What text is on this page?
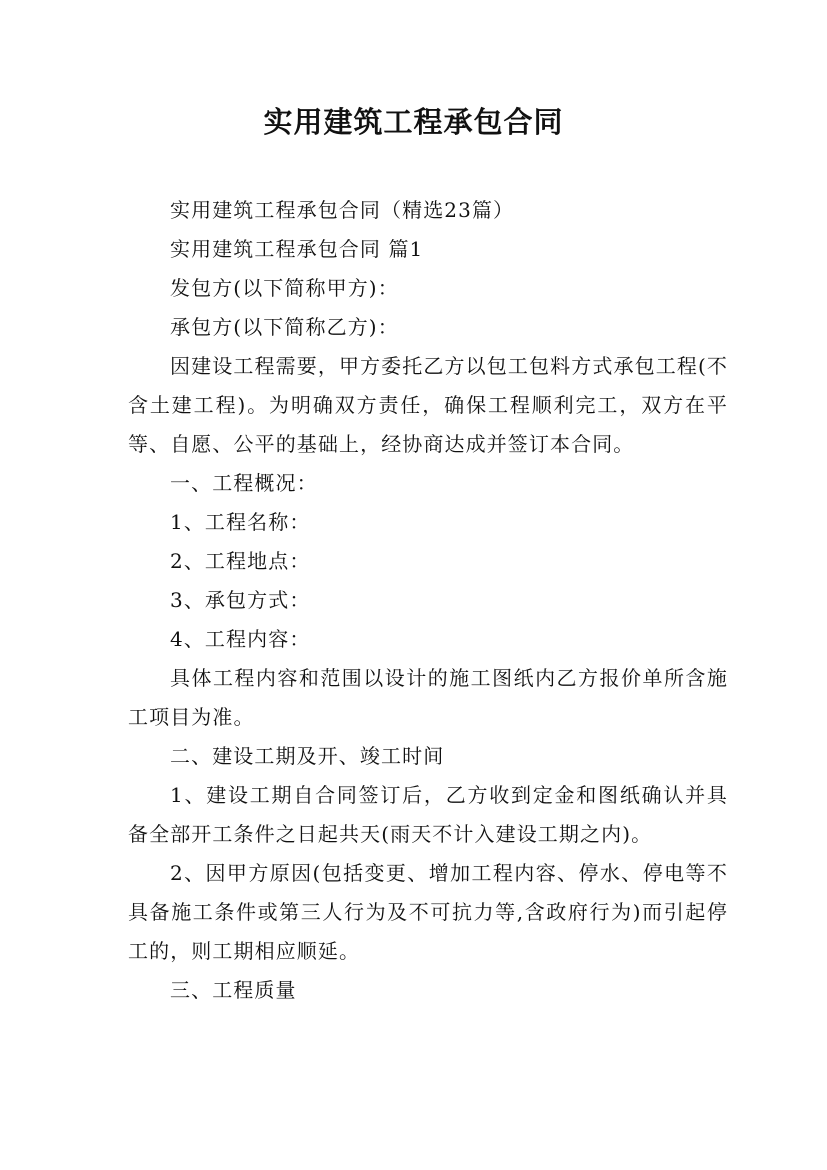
实用建筑工程承包合同

实用建筑工程承包合同（精选23篇）

实用建筑工程承包合同 篇1

发包方(以下简称甲方)：

承包方(以下简称乙方)：

因建设工程需要，甲方委托乙方以包工包料方式承包工程(不含土建工程)。为明确双方责任，确保工程顺利完工，双方在平等、自愿、公平的基础上，经协商达成并签订本合同。

一、工程概况：

1、工程名称：

2、工程地点：

3、承包方式：

4、工程内容：

具体工程内容和范围以设计的施工图纸内乙方报价单所含施工项目为准。

二、建设工期及开、竣工时间

1、建设工期自合同签订后，乙方收到定金和图纸确认并具备全部开工条件之日起共天(雨天不计入建设工期之内)。

2、因甲方原因(包括变更、增加工程内容、停水、停电等不具备施工条件或第三人行为及不可抗力等,含政府行为)而引起停工的，则工期相应顺延。

三、工程质量
